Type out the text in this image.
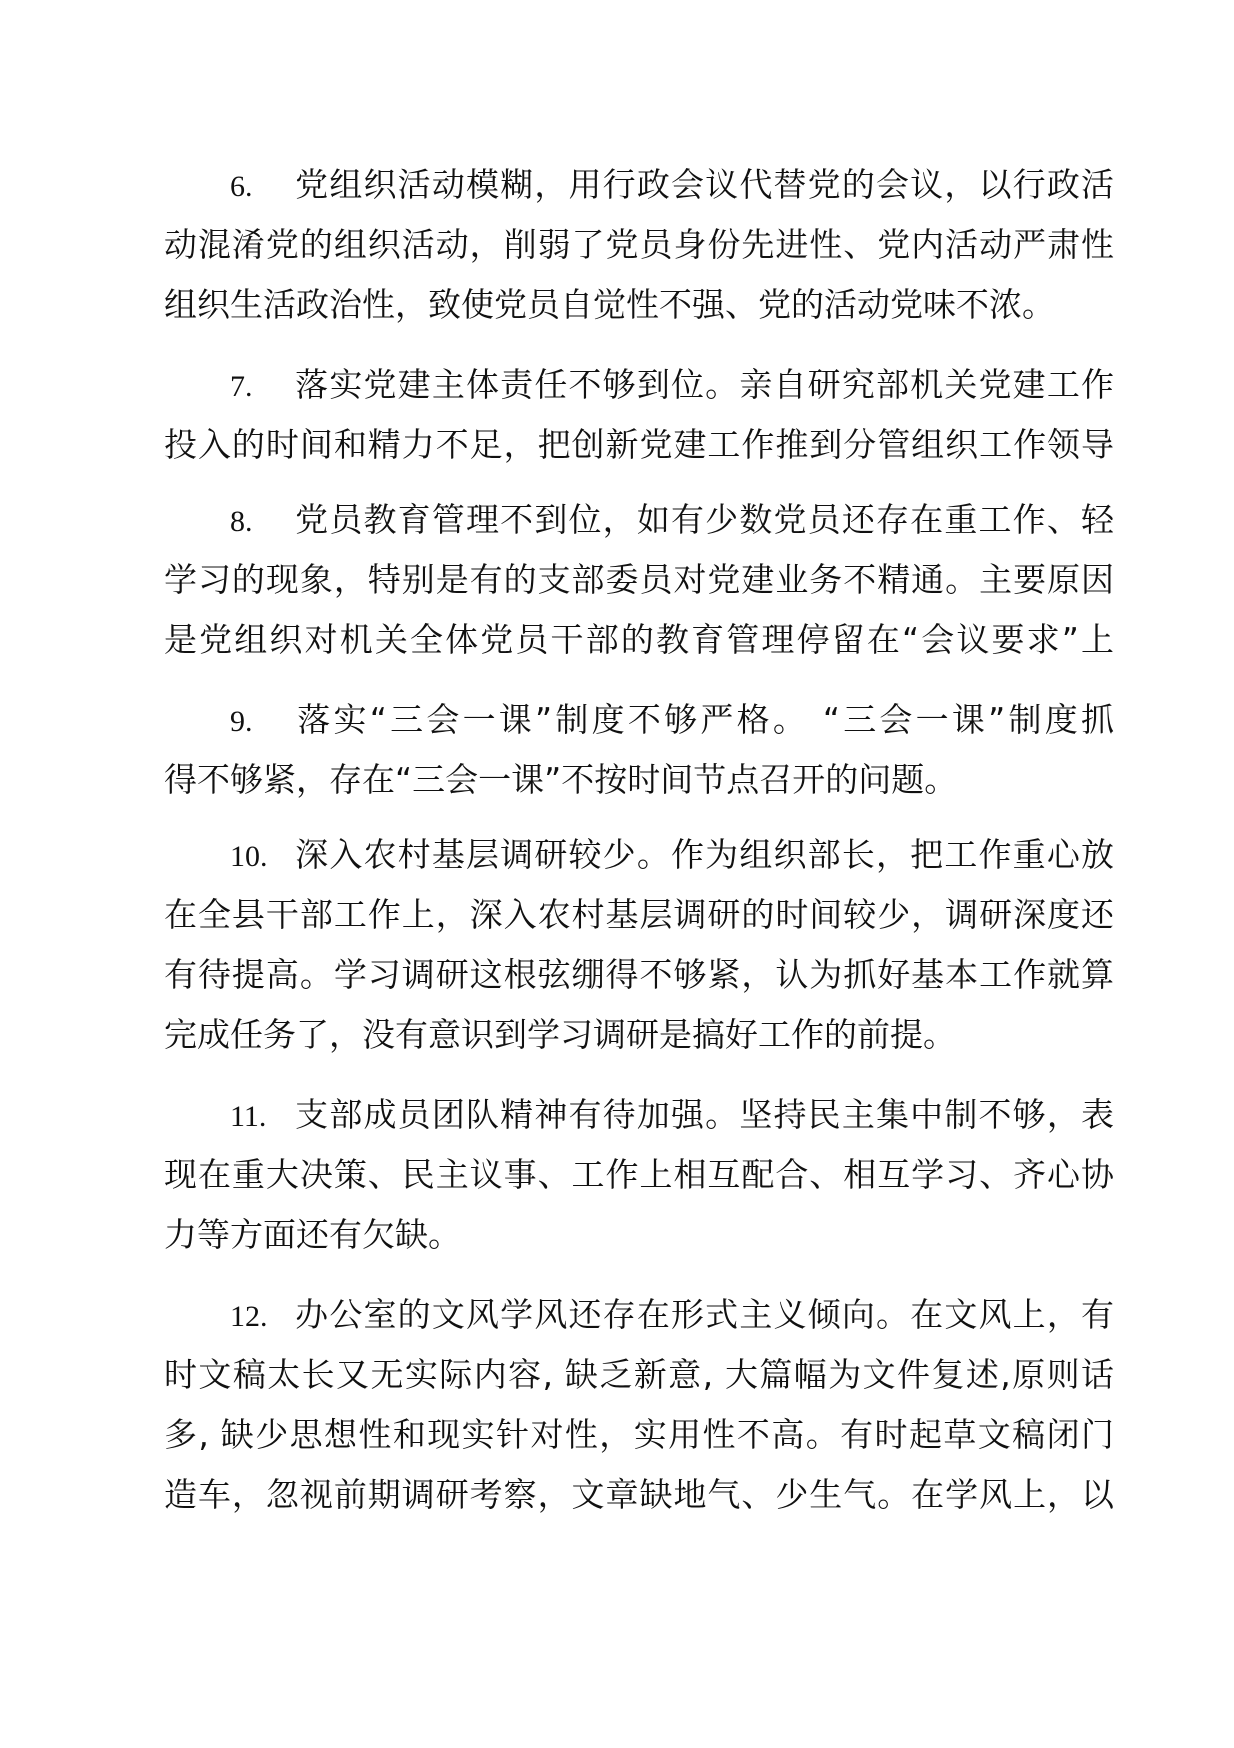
6. 党组织活动模糊，用行政会议代替党的会议，以行政活
动混淆党的组织活动，削弱了党员身份先进性、党内活动严肃性
组织生活政治性，致使党员自觉性不强、党的活动党味不浓。
7. 落实党建主体责任不够到位。亲自研究部机关党建工作
投入的时间和精力不足，把创新党建工作推到分管组织工作领导
8. 党员教育管理不到位，如有少数党员还存在重工作、轻
学习的现象，特别是有的支部委员对党建业务不精通。主要原因
是党组织对机关全体党员干部的教育管理停留在“会议要求”上
9. 落实“三会一课”制度不够严格。 “三会一课”制度抓
得不够紧，存在“三会一课”不按时间节点召开的问题。
10. 深入农村基层调研较少。作为组织部长，把工作重心放
在全县干部工作上，深入农村基层调研的时间较少，调研深度还
有待提高。学习调研这根弦绷得不够紧，认为抓好基本工作就算
完成任务了，没有意识到学习调研是搞好工作的前提。
11. 支部成员团队精神有待加强。坚持民主集中制不够，表
现在重大决策、民主议事、工作上相互配合、相互学习、齐心协
力等方面还有欠缺。
12. 办公室的文风学风还存在形式主义倾向。在文风上，有
时文稿太长又无实际内容, 缺乏新意, 大篇幅为文件复述,原则话
多, 缺少思想性和现实针对性，实用性不高。有时起草文稿闭门
造车，忽视前期调研考察，文章缺地气、少生气。在学风上，以
